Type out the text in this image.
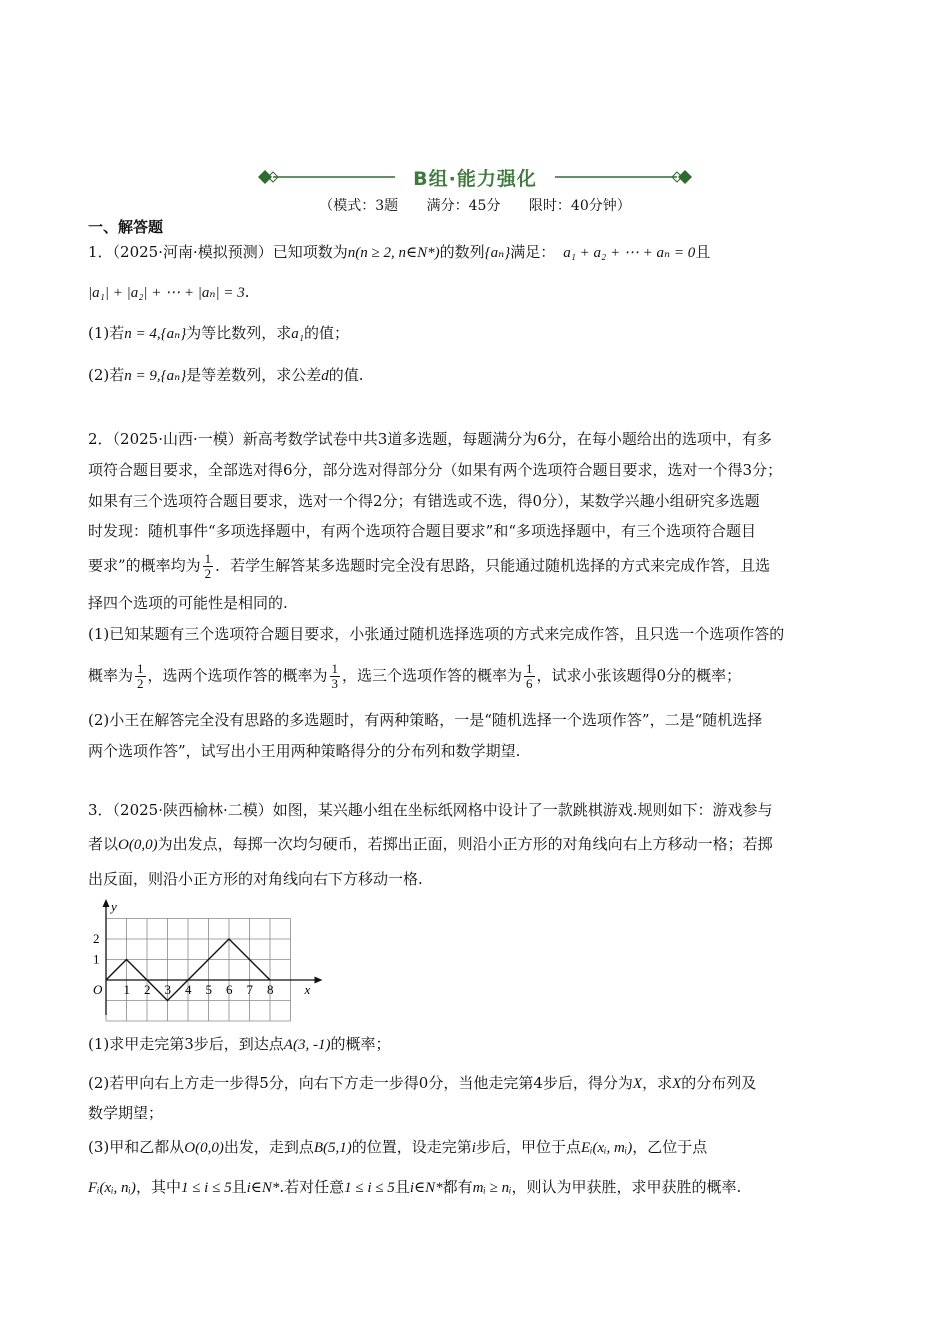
B组·能力强化
（模式：3题 满分：45分 限时：40分钟）
一、解答题
1．（2025·河南·模拟预测）已知项数为n(n ≥ 2, n∈N*)的数列{aₙ}满足： a₁ + a₂ + ⋯ + aₙ = 0且
|a₁| + |a₂| + ⋯ + |aₙ| = 3.
(1)若n = 4,{aₙ}为等比数列，求a₁的值；
(2)若n = 9,{aₙ}是等差数列，求公差d的值.
2．（2025·山西·一模）新高考数学试卷中共3道多选题，每题满分为6分，在每小题给出的选项中，有多
项符合题目要求，全部选对得6分，部分选对得部分分（如果有两个选项符合题目要求，选对一个得3分；
如果有三个选项符合题目要求，选对一个得2分；有错选或不选，得0分），某数学兴趣小组研究多选题
时发现：随机事件“多项选择题中，有两个选项符合题目要求”和“多项选择题中，有三个选项符合题目
要求”的概率均为 $\frac{1}{2}$ ．若学生解答某多选题时完全没有思路，只能通过随机选择的方式来完成作答，且选
择四个选项的可能性是相同的.
(1)已知某题有三个选项符合题目要求，小张通过随机选择选项的方式来完成作答，且只选一个选项作答的
概率为 $\frac{1}{2}$ ，选两个选项作答的概率为 $\frac{1}{3}$ ，选三个选项作答的概率为 $\frac{1}{6}$ ，试求小张该题得0分的概率；
(2)小王在解答完全没有思路的多选题时，有两种策略，一是“随机选择一个选项作答”，二是“随机选择
两个选项作答”，试写出小王用两种策略得分的分布列和数学期望.
3．（2025·陕西榆林·二模）如图，某兴趣小组在坐标纸网格中设计了一款跳棋游戏.规则如下：游戏参与
者以O(0,0)为出发点，每掷一次均匀硬币，若掷出正面，则沿小正方形的对角线向右上方移动一格；若掷
出反面，则沿小正方形的对角线向右下方移动一格.
1 2 3 4 5 6 7 8
1
2
O	x
y
(1)求甲走完第3步后，到达点A(3, -1)的概率；
(2)若甲向右上方走一步得5分，向右下方走一步得0分，当他走完第4步后，得分为X，求X的分布列及
数学期望；
(3)甲和乙都从O(0,0)出发，走到点B(5,1)的位置，设走完第i步后，甲位于点Eᵢ(xᵢ, mᵢ)，乙位于点
Fᵢ(xᵢ, nᵢ)，其中1 ≤ i ≤ 5且i∈N*.若对任意1 ≤ i ≤ 5且i∈N*都有mᵢ ≥ nᵢ，则认为甲获胜，求甲获胜的概率.
